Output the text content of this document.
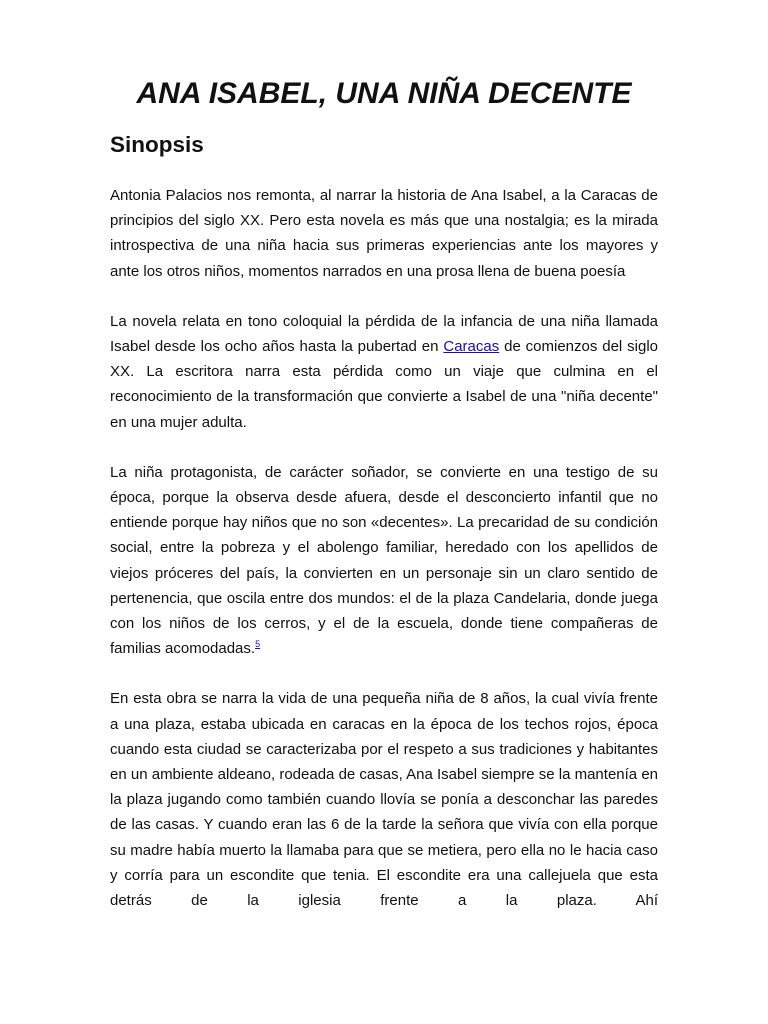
ANA ISABEL, UNA NIÑA DECENTE
Sinopsis

Antonia Palacios nos remonta, al narrar la historia de Ana Isabel, a la Caracas de principios del siglo XX. Pero esta novela es más que una nostalgia; es la mirada introspectiva de una niña hacia sus primeras experiencias ante los mayores y ante los otros niños, momentos narrados en una prosa llena de buena poesía

La novela relata en tono coloquial la pérdida de la infancia de una niña llamada Isabel desde los ocho años hasta la pubertad en Caracas de comienzos del siglo XX. La escritora narra esta pérdida como un viaje que culmina en el reconocimiento de la transformación que convierte a Isabel de una "niña decente" en una mujer adulta.

La niña protagonista, de carácter soñador, se convierte en una testigo de su época, porque la observa desde afuera, desde el desconcierto infantil que no entiende porque hay niños que no son «decentes». La precaridad de su condición social, entre la pobreza y el abolengo familiar, heredado con los apellidos de viejos próceres del país, la convierten en un personaje sin un claro sentido de pertenencia, que oscila entre dos mundos: el de la plaza Candelaria, donde juega con los niños de los cerros, y el de la escuela, donde tiene compañeras de familias acomodadas.$^5$

En esta obra se narra la vida de una pequeña niña de 8 años, la cual vivía frente a una plaza, estaba ubicada en caracas en la época de los techos rojos, época cuando esta ciudad se caracterizaba por el respeto a sus tradiciones y habitantes en un ambiente aldeano, rodeada de casas, Ana Isabel siempre se la mantenía en la plaza jugando como también cuando llovía se ponía a desconchar las paredes de las casas. Y cuando eran las 6 de la tarde la señora que vivía con ella porque su madre había muerto la llamaba para que se metiera, pero ella no le hacia caso y corría para un escondite que tenia. El escondite era una callejuela que esta detrás de la iglesia frente a la plaza. Ahí
